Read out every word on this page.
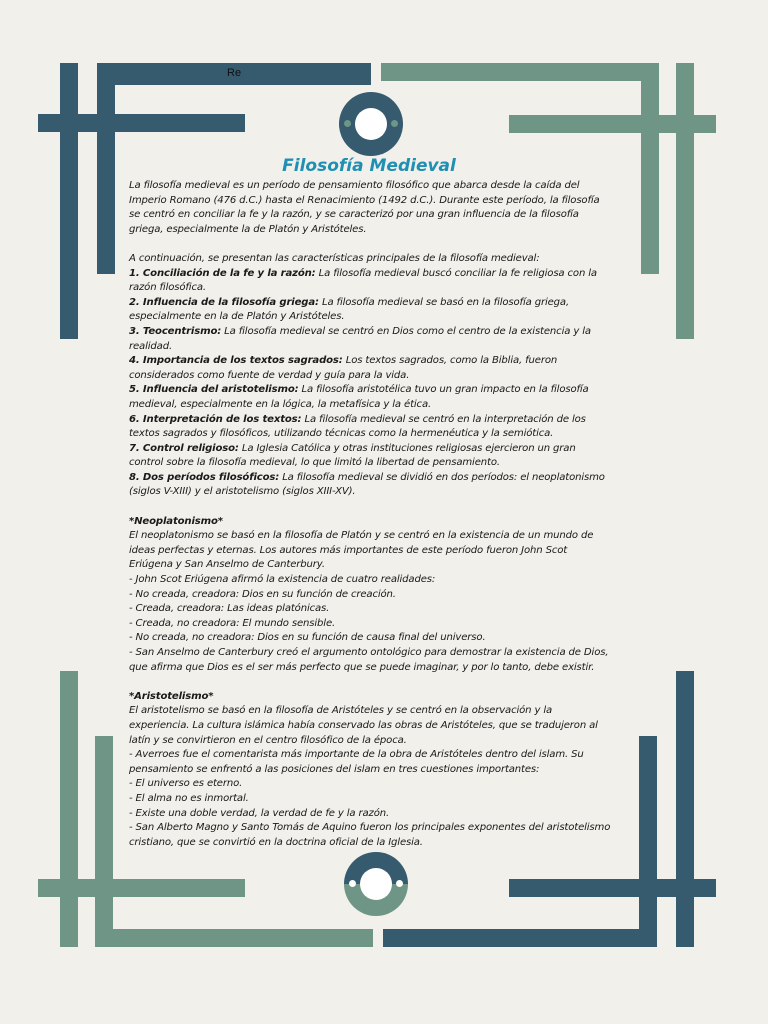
Re
Filosofía Medieval

La filosofía medieval es un período de pensamiento filosófico que abarca desde la caída del Imperio Romano (476 d.C.) hasta el Renacimiento (1492 d.C.). Durante este período, la filosofía se centró en conciliar la fe y la razón, y se caracterizó por una gran influencia de la filosofía griega, especialmente la de Platón y Aristóteles.

A continuación, se presentan las características principales de la filosofía medieval:

1. Conciliación de la fe y la razón: La filosofía medieval buscó conciliar la fe religiosa con la razón filosófica.

2. Influencia de la filosofía griega: La filosofía medieval se basó en la filosofía griega, especialmente en la de Platón y Aristóteles.

3. Teocentrismo: La filosofía medieval se centró en Dios como el centro de la existencia y la realidad.

4. Importancia de los textos sagrados: Los textos sagrados, como la Biblia, fueron considerados como fuente de verdad y guía para la vida.

5. Influencia del aristotelismo: La filosofía aristotélica tuvo un gran impacto en la filosofía medieval, especialmente en la lógica, la metafísica y la ética.

6. Interpretación de los textos: La filosofía medieval se centró en la interpretación de los textos sagrados y filosóficos, utilizando técnicas como la hermenéutica y la semiótica.

7. Control religioso: La Iglesia Católica y otras instituciones religiosas ejercieron un gran control sobre la filosofía medieval, lo que limitó la libertad de pensamiento.

8. Dos períodos filosóficos: La filosofía medieval se dividió en dos períodos: el neoplatonismo (siglos V-XIII) y el aristotelismo (siglos XIII-XV).

*Neoplatonismo*

El neoplatonismo se basó en la filosofía de Platón y se centró en la existencia de un mundo de ideas perfectas y eternas. Los autores más importantes de este período fueron John Scot Eriúgena y San Anselmo de Canterbury.

- John Scot Eriúgena afirmó la existencia de cuatro realidades:

- No creada, creadora: Dios en su función de creación.

- Creada, creadora: Las ideas platónicas.

- Creada, no creadora: El mundo sensible.

- No creada, no creadora: Dios en su función de causa final del universo.

- San Anselmo de Canterbury creó el argumento ontológico para demostrar la existencia de Dios, que afirma que Dios es el ser más perfecto que se puede imaginar, y por lo tanto, debe existir.

*Aristotelismo*

El aristotelismo se basó en la filosofía de Aristóteles y se centró en la observación y la experiencia. La cultura islámica había conservado las obras de Aristóteles, que se tradujeron al latín y se convirtieron en el centro filosófico de la época.

- Averroes fue el comentarista más importante de la obra de Aristóteles dentro del islam. Su pensamiento se enfrentó a las posiciones del islam en tres cuestiones importantes:

- El universo es eterno.

- El alma no es inmortal.

- Existe una doble verdad, la verdad de fe y la razón.

- San Alberto Magno y Santo Tomás de Aquino fueron los principales exponentes del aristotelismo cristiano, que se convirtió en la doctrina oficial de la Iglesia.
